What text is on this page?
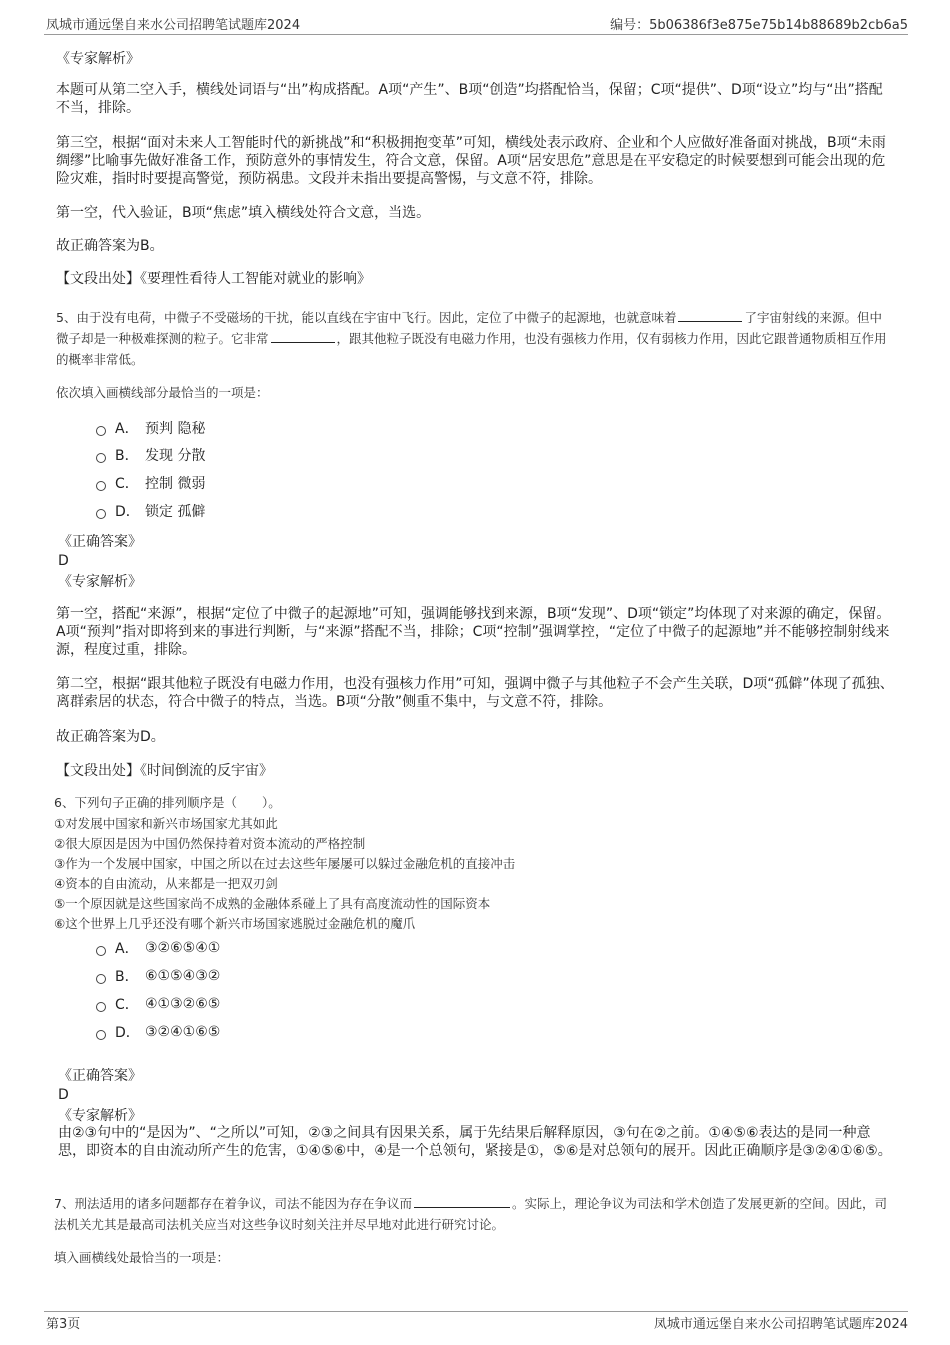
凤城市通远堡自来水公司招聘笔试题库2024	编号：5b06386f3e875e75b14b88689b2cb6a5
《专家解析》

本题可从第二空入手，横线处词语与“出”构成搭配。A项“产生”、B项“创造”均搭配恰当，保留；C项“提供”、D项“设立”均与“出”搭配不当，排除。

第三空，根据“面对未来人工智能时代的新挑战”和“积极拥抱变革”可知，横线处表示政府、企业和个人应做好准备面对挑战，B项“未雨绸缪”比喻事先做好准备工作，预防意外的事情发生，符合文意，保留。A项“居安思危”意思是在平安稳定的时候要想到可能会出现的危险灾难，指时时要提高警觉，预防祸患。文段并未指出要提高警惕，与文意不符，排除。

第一空，代入验证，B项“焦虑”填入横线处符合文意，当选。

故正确答案为B。

【文段出处】《要理性看待人工智能对就业的影响》

5、由于没有电荷，中微子不受磁场的干扰，能以直线在宇宙中飞行。因此，定位了中微子的起源地，也就意味着	了宇宙射线的来源。但中微子却是一种极难探测的粒子。它非常	，跟其他粒子既没有电磁力作用，也没有强核力作用，仅有弱核力作用，因此它跟普通物质相互作用的概率非常低。

依次填入画横线部分最恰当的一项是：

A． 预判 隐秘
B． 发现 分散
C． 控制 微弱
D． 锁定 孤僻
《正确答案》
D
《专家解析》

第一空，搭配“来源”，根据“定位了中微子的起源地”可知，强调能够找到来源，B项“发现”、D项“锁定”均体现了对来源的确定，保留。A项“预判”指对即将到来的事进行判断，与“来源”搭配不当，排除；C项“控制”强调掌控，“定位了中微子的起源地”并不能够控制射线来源，程度过重，排除。

第二空，根据“跟其他粒子既没有电磁力作用，也没有强核力作用”可知，强调中微子与其他粒子不会产生关联，D项“孤僻”体现了孤独、离群索居的状态，符合中微子的特点，当选。B项“分散”侧重不集中，与文意不符，排除。

故正确答案为D。

【文段出处】《时间倒流的反宇宙》

6、下列句子正确的排列顺序是（　　）。

①对发展中国家和新兴市场国家尤其如此

②很大原因是因为中国仍然保持着对资本流动的严格控制

③作为一个发展中国家，中国之所以在过去这些年屡屡可以躲过金融危机的直接冲击

④资本的自由流动，从来都是一把双刃剑

⑤一个原因就是这些国家尚不成熟的金融体系碰上了具有高度流动性的国际资本

⑥这个世界上几乎还没有哪个新兴市场国家逃脱过金融危机的魔爪

A． ③②⑥⑤④①
B． ⑥①⑤④③②
C． ④①③②⑥⑤
D． ③②④①⑥⑤
《正确答案》
D
《专家解析》

由②③句中的“是因为”、“之所以”可知，②③之间具有因果关系，属于先结果后解释原因，③句在②之前。①④⑤⑥表达的是同一种意思，即资本的自由流动所产生的危害，①④⑤⑥中，④是一个总领句，紧接是①，⑤⑥是对总领句的展开。因此正确顺序是③②④①⑥⑤。

7、刑法适用的诸多问题都存在着争议，司法不能因为存在争议而	。实际上，理论争议为司法和学术创造了发展更新的空间。因此，司法机关尤其是最高司法机关应当对这些争议时刻关注并尽早地对此进行研究讨论。

填入画横线处最恰当的一项是：

第3页	凤城市通远堡自来水公司招聘笔试题库2024
